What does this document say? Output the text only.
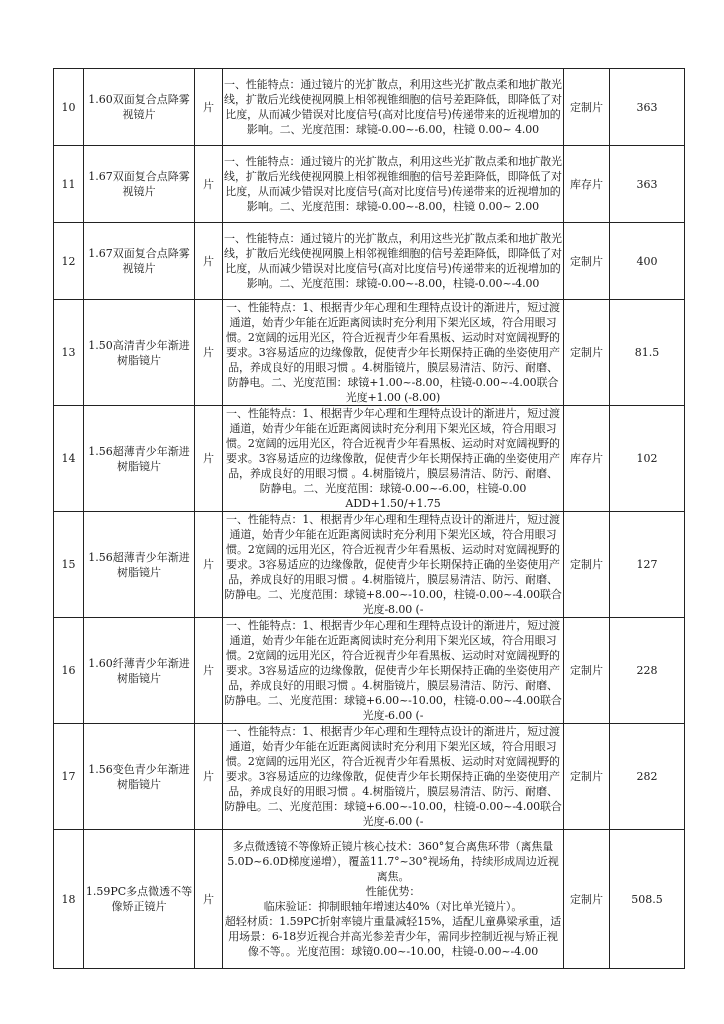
10	1.60双面复合点降雾视镜片	片	一、性能特点：通过镜片的光扩散点，利用这些光扩散点柔和地扩散光线，扩散后光线使视网膜上相邻视锥细胞的信号差距降低，即降低了对比度，从而减少错误对比度信号(高对比度信号)传递带来的近视增加的影响。二、光度范围：球镜-0.00~-6.00，柱镜 0.00~ 4.00	定制片	363
11	1.67双面复合点降雾视镜片	片	一、性能特点：通过镜片的光扩散点，利用这些光扩散点柔和地扩散光线，扩散后光线使视网膜上相邻视锥细胞的信号差距降低，即降低了对比度，从而减少错误对比度信号(高对比度信号)传递带来的近视增加的影响。二、光度范围：球镜-0.00~-8.00，柱镜 0.00~ 2.00	库存片	363
12	1.67双面复合点降雾视镜片	片	一、性能特点：通过镜片的光扩散点，利用这些光扩散点柔和地扩散光线，扩散后光线使视网膜上相邻视锥细胞的信号差距降低，即降低了对比度，从而减少错误对比度信号(高对比度信号)传递带来的近视增加的影响。二、光度范围：球镜-0.00~-8.00，柱镜-0.00~-4.00	定制片	400
13	1.50高清青少年渐进树脂镜片	片	一、性能特点：1、根据青少年心理和生理特点设计的渐进片，短过渡通道，始青少年能在近距离阅读时充分利用下架光区域，符合用眼习惯。2宽阔的远用光区，符合近视青少年看黑板、运动时对宽阔视野的要求。3容易适应的边缘像散，促使青少年长期保持正确的坐姿使用产品，养成良好的用眼习惯 。4.树脂镜片，膜层易清洁、防污、耐磨、防静电。二、光度范围：球镜+1.00~-8.00，柱镜-0.00~-4.00联合光度+1.00 (-8.00)	定制片	81.5
14	1.56超薄青少年渐进树脂镜片	片	一、性能特点：1、根据青少年心理和生理特点设计的渐进片，短过渡通道，始青少年能在近距离阅读时充分利用下架光区域，符合用眼习惯。2宽阔的远用光区，符合近视青少年看黑板、运动时对宽阔视野的要求。3容易适应的边缘像散，促使青少年长期保持正确的坐姿使用产品，养成良好的用眼习惯 。4.树脂镜片，膜层易清洁、防污、耐磨、防静电。二、光度范围：球镜-0.00~-6.00，柱镜-0.00 ADD+1.50/+1.75	库存片	102
15	1.56超薄青少年渐进树脂镜片	片	一、性能特点：1、根据青少年心理和生理特点设计的渐进片，短过渡通道，始青少年能在近距离阅读时充分利用下架光区域，符合用眼习惯。2宽阔的远用光区，符合近视青少年看黑板、运动时对宽阔视野的要求。3容易适应的边缘像散，促使青少年长期保持正确的坐姿使用产品，养成良好的用眼习惯 。4.树脂镜片，膜层易清洁、防污、耐磨、防静电。二、光度范围：球镜+8.00~-10.00，柱镜-0.00~-4.00联合光度-8.00 (-	定制片	127
16	1.60纤薄青少年渐进树脂镜片	片	一、性能特点：1、根据青少年心理和生理特点设计的渐进片，短过渡通道，始青少年能在近距离阅读时充分利用下架光区域，符合用眼习惯。2宽阔的远用光区，符合近视青少年看黑板、运动时对宽阔视野的要求。3容易适应的边缘像散，促使青少年长期保持正确的坐姿使用产品，养成良好的用眼习惯 。4.树脂镜片，膜层易清洁、防污、耐磨、防静电。二、光度范围：球镜+6.00~-10.00，柱镜-0.00~-4.00联合光度-6.00 (-	定制片	228
17	1.56变色青少年渐进树脂镜片	片	一、性能特点：1、根据青少年心理和生理特点设计的渐进片，短过渡通道，始青少年能在近距离阅读时充分利用下架光区域，符合用眼习惯。2宽阔的远用光区，符合近视青少年看黑板、运动时对宽阔视野的要求。3容易适应的边缘像散，促使青少年长期保持正确的坐姿使用产品，养成良好的用眼习惯 。4.树脂镜片，膜层易清洁、防污、耐磨、防静电。二、光度范围：球镜+6.00~-10.00，柱镜-0.00~-4.00联合光度-6.00 (-	定制片	282
18	1.59PC多点微透不等像矫正镜片	片	多点微透镜不等像矫正镜片核心技术：360°复合离焦环带（离焦量5.0D~6.0D梯度递增），覆盖11.7°~30°视场角，持续形成周边近视离焦。
性能优势：
临床验证：抑制眼轴年增速达40%（对比单光镜片）。
超轻材质：1.59PC折射率镜片重量减轻15%，适配儿童鼻梁承重，适用场景：6-18岁近视合并高光参差青少年，需同步控制近视与矫正视像不等。。光度范围：球镜0.00~-10.00，柱镜-0.00~-4.00	定制片	508.5
